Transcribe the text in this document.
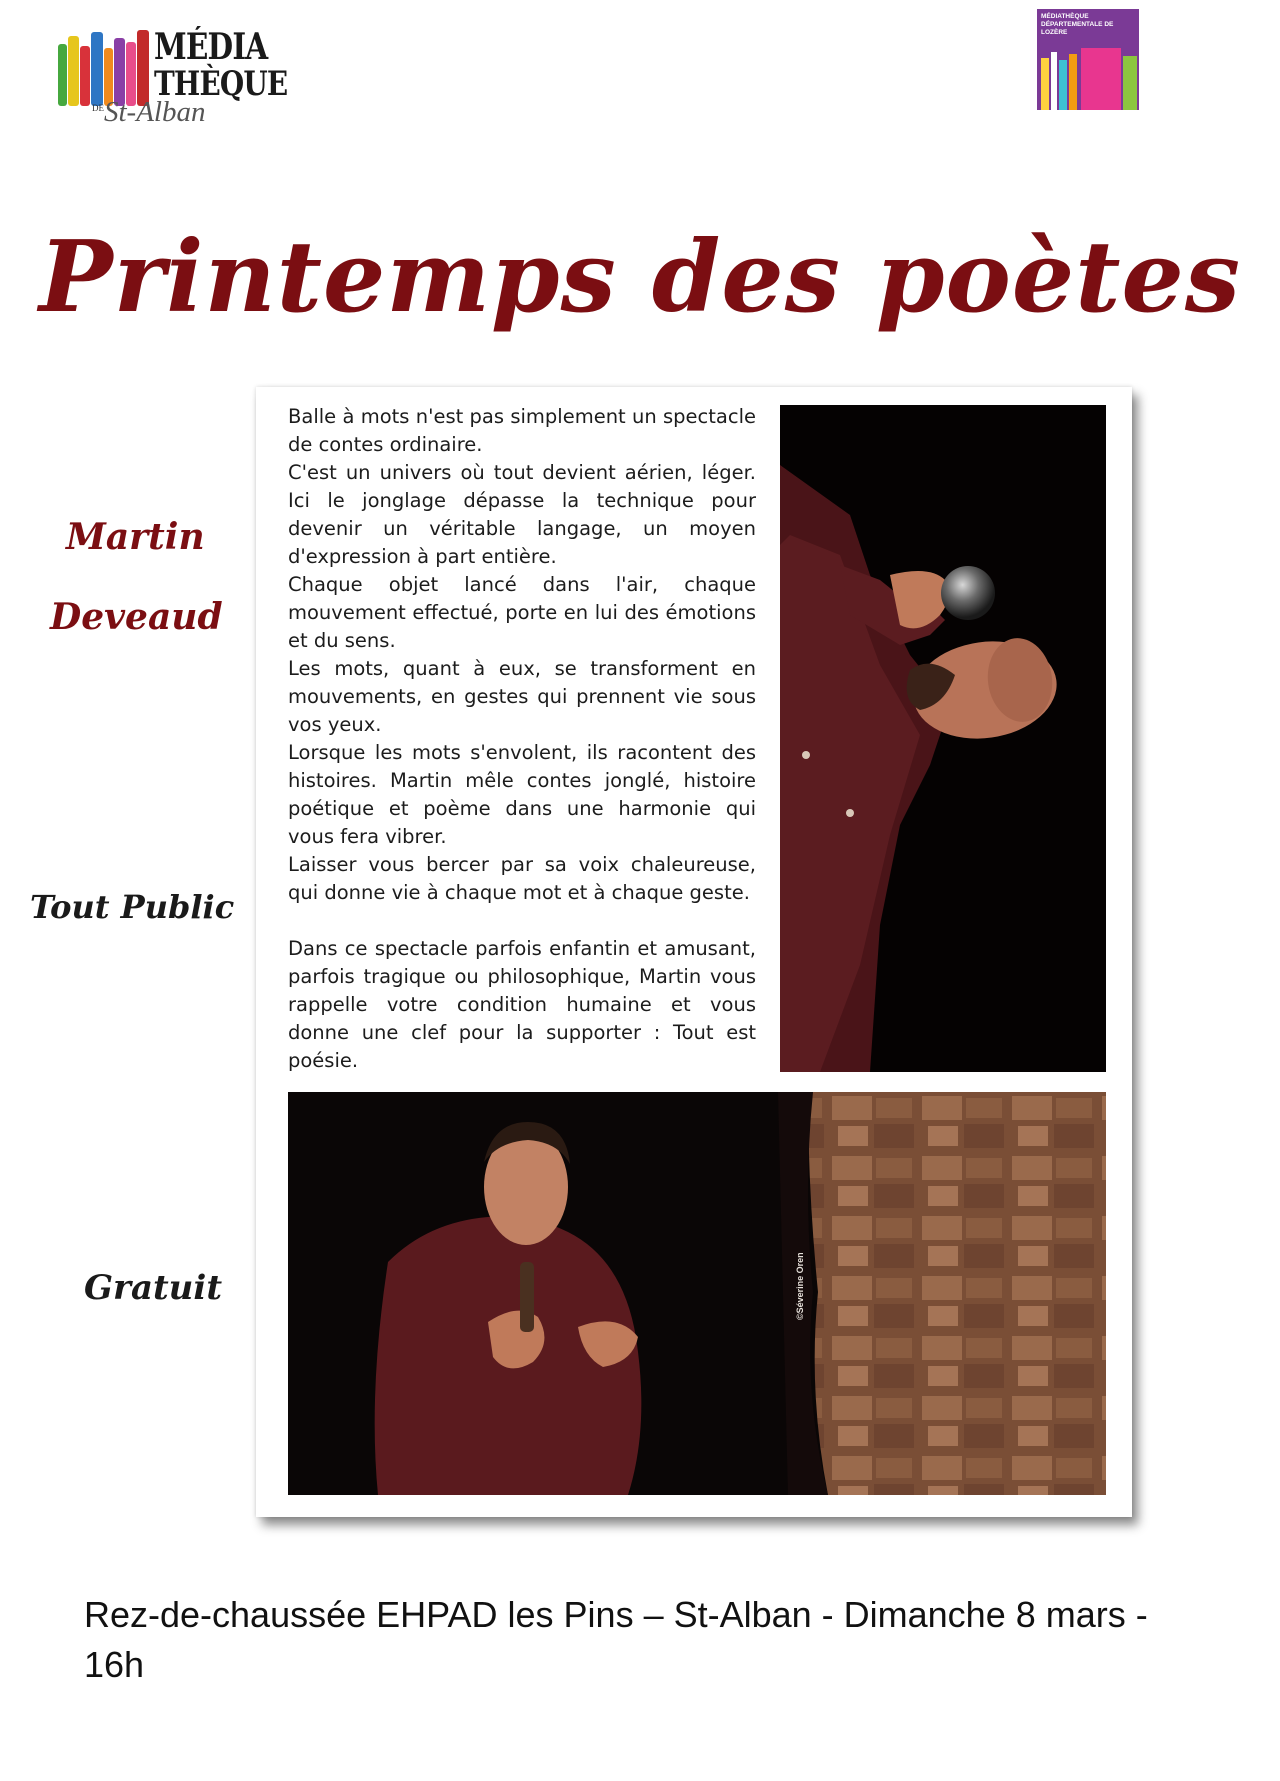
MÉDIA
THÈQUE
DE St-Alban
MÉDIATHÈQUE
DÉPARTEMENTALE DE
LOZÈRE
Printemps des poètes
Martin
Deveaud
Tout Public
Gratuit

Balle à mots n'est pas simplement un spectacle de contes ordinaire.

C'est un univers où tout devient aérien, léger. Ici le jonglage dépasse la technique pour devenir un véritable langage, un moyen d'expression à part entière.

Chaque objet lancé dans l'air, chaque mouvement effectué, porte en lui des émotions et du sens.

Les mots, quant à eux, se transforment en mouvements, en gestes qui prennent vie sous vos yeux.

Lorsque les mots s'envolent, ils racontent des histoires. Martin mêle contes jonglé, histoire poétique et poème dans une harmonie qui vous fera vibrer.

Laisser vous bercer par sa voix chaleureuse, qui donne vie à chaque mot et à chaque geste.

Dans ce spectacle parfois enfantin et amusant, parfois tragique ou philosophique, Martin vous rappelle votre condition humaine et vous donne une clef pour la supporter : Tout est poésie.

©Séverine Oren
Rez-de-chaussée EHPAD les Pins – St-Alban - Dimanche 8 mars - 16h
